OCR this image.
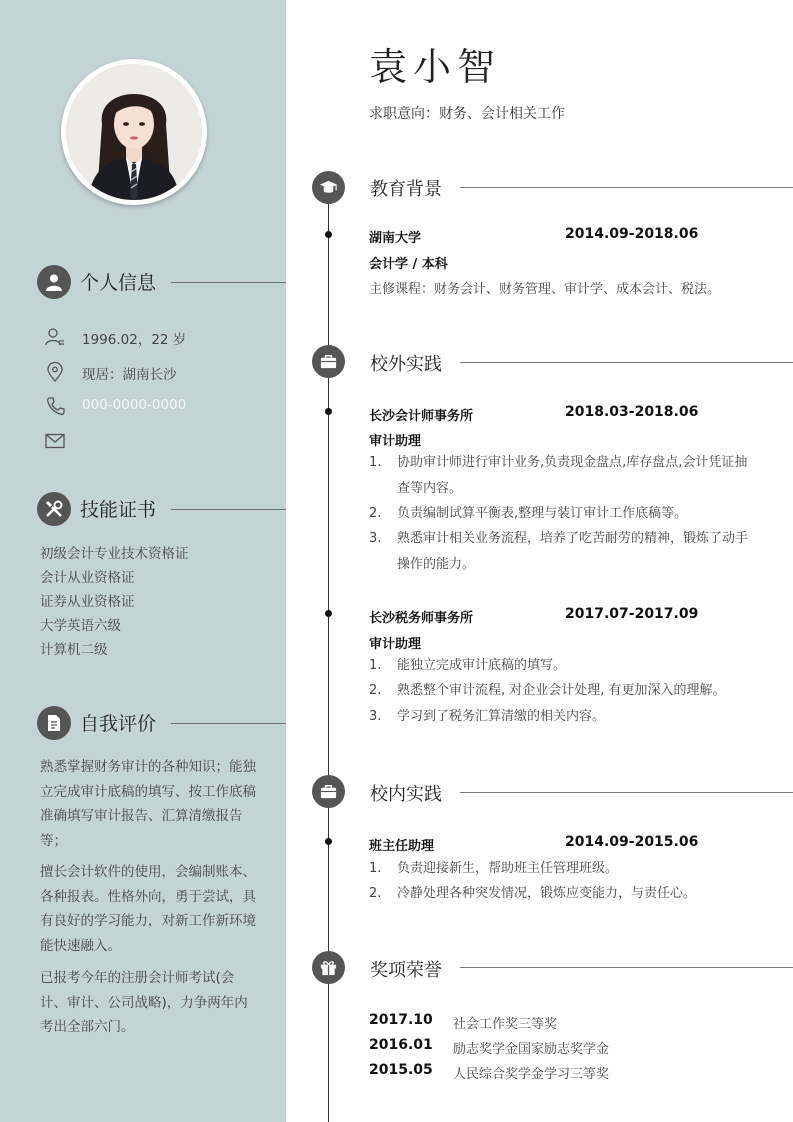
个人信息
1996.02，22 岁
现居：湖南长沙
000-0000-0000
技能证书
初级会计专业技术资格证
会计从业资格证
证券从业资格证
大学英语六级
计算机二级
自我评价
熟悉掌握财务审计的各种知识；能独立完成审计底稿的填写、按工作底稿准确填写审计报告、汇算清缴报告等；
擅长会计软件的使用，会编制账本、各种报表。性格外向，勇于尝试，具有良好的学习能力，对新工作新环境能快速融入。
已报考今年的注册会计师考试(会计、审计、公司战略)，力争两年内考出全部六门。
袁小智
求职意向：财务、会计相关工作
教育背景
湖南大学	2014.09-2018.06
会计学 / 本科
主修课程：财务会计、财务管理、审计学、成本会计、税法。
校外实践
长沙会计师事务所	2018.03-2018.06
审计助理
1. 协助审计师进行审计业务,负责现金盘点,库存盘点,会计凭证抽查等内容。
2. 负责编制试算平衡表,整理与装订审计工作底稿等。
3. 熟悉审计相关业务流程，培养了吃苦耐劳的精神，锻炼了动手操作的能力。
长沙税务师事务所	2017.07-2017.09
审计助理
1. 能独立完成审计底稿的填写。
2. 熟悉整个审计流程, 对企业会计处理, 有更加深入的理解。
3. 学习到了税务汇算清缴的相关内容。
校内实践
班主任助理	2014.09-2015.06
1. 负责迎接新生，帮助班主任管理班级。
2. 冷静处理各种突发情况，锻炼应变能力，与责任心。
奖项荣誉
2017.10 社会工作奖三等奖
2016.01 励志奖学金国家励志奖学金
2015.05 人民综合奖学金学习三等奖
